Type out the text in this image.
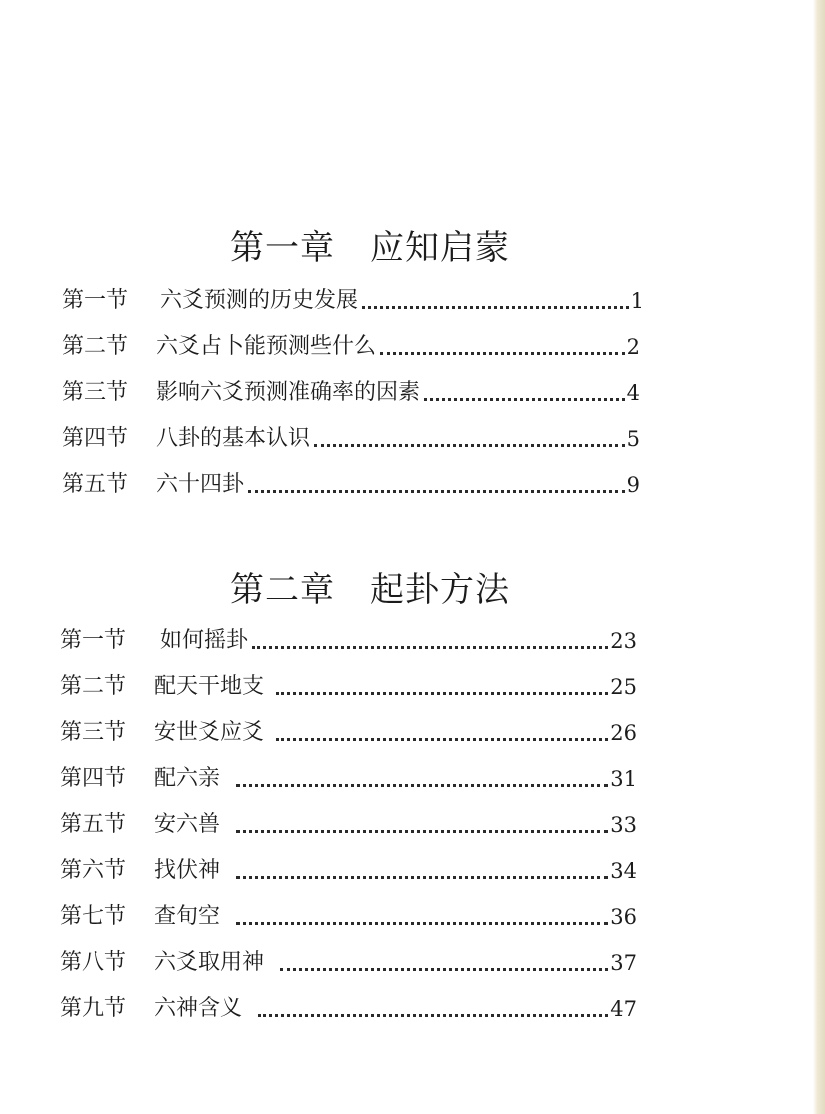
第一章　应知启蒙
第一节	六爻预测的历史发展	1
第二节	六爻占卜能预测些什么	2
第三节	影响六爻预测准确率的因素	4
第四节	八卦的基本认识	5
第五节	六十四卦	9
第二章　起卦方法
第一节	如何摇卦	23
第二节	配天干地支	25
第三节	安世爻应爻	26
第四节	配六亲	31
第五节	安六兽	33
第六节	找伏神	34
第七节	查旬空	36
第八节	六爻取用神	37
第九节	六神含义	47
